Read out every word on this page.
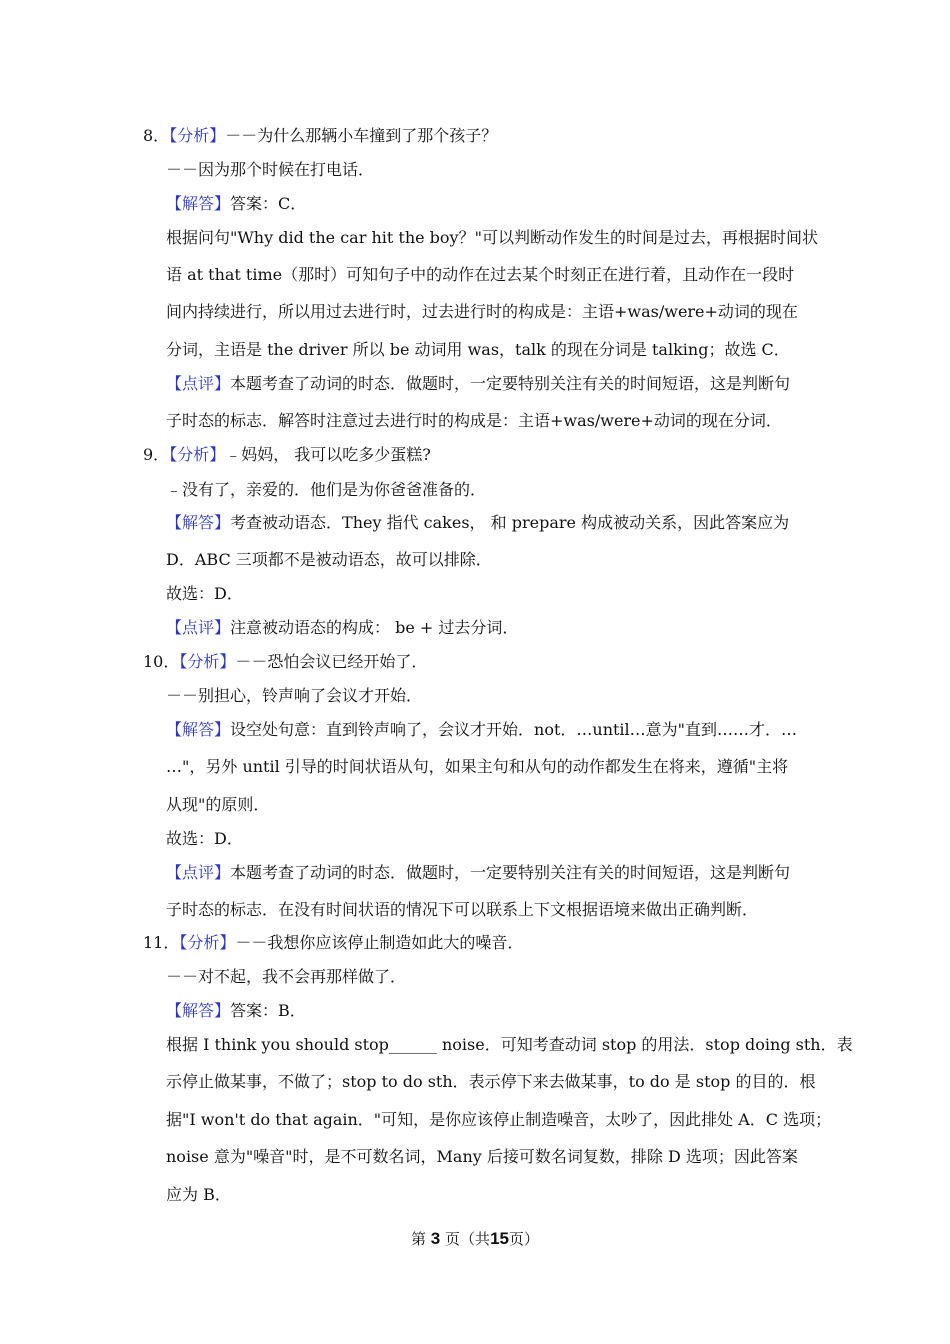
8．【分析】－－为什么那辆小车撞到了那个孩子？
－－因为那个时候在打电话．
【解答】答案：C．
根据问句"Why did the car hit the boy？"可以判断动作发生的时间是过去，再根据时间状
语 at that time（那时）可知句子中的动作在过去某个时刻正在进行着，且动作在一段时
间内持续进行，所以用过去进行时，过去进行时的构成是：主语+was/were+动词的现在
分词，主语是 the driver 所以 be 动词用 was，talk 的现在分词是 talking；故选 C．
【点评】本题考查了动词的时态．做题时，一定要特别关注有关的时间短语，这是判断句
子时态的标志．解答时注意过去进行时的构成是：主语+was/were+动词的现在分词．
9．【分析】﹣妈妈， 我可以吃多少蛋糕?
﹣没有了，亲爱的．他们是为你爸爸准备的．
【解答】考查被动语态．They 指代 cakes， 和 prepare 构成被动关系，因此答案应为
D．ABC 三项都不是被动语态，故可以排除．
故选：D．
【点评】注意被动语态的构成： be + 过去分词．
10．【分析】－－恐怕会议已经开始了．
－－别担心，铃声响了会议才开始．
【解答】设空处句意：直到铃声响了，会议才开始．not．…until…意为"直到……才．…
…"，另外 until 引导的时间状语从句，如果主句和从句的动作都发生在将来，遵循"主将
从现"的原则．
故选：D．
【点评】本题考查了动词的时态．做题时，一定要特别关注有关的时间短语，这是判断句
子时态的标志．在没有时间状语的情况下可以联系上下文根据语境来做出正确判断．
11．【分析】－－我想你应该停止制造如此大的噪音．
－－对不起，我不会再那样做了．
【解答】答案：B．
根据 I think you should stop______ noise．可知考查动词 stop 的用法．stop doing sth．表
示停止做某事，不做了；stop to do sth．表示停下来去做某事，to do 是 stop 的目的．根
据"I won't do that again．"可知，是你应该停止制造噪音，太吵了，因此排处 A．C 选项；
noise 意为"噪音"时，是不可数名词，Many 后接可数名词复数，排除 D 选项；因此答案
应为 B．
第 3 页（共15页）
